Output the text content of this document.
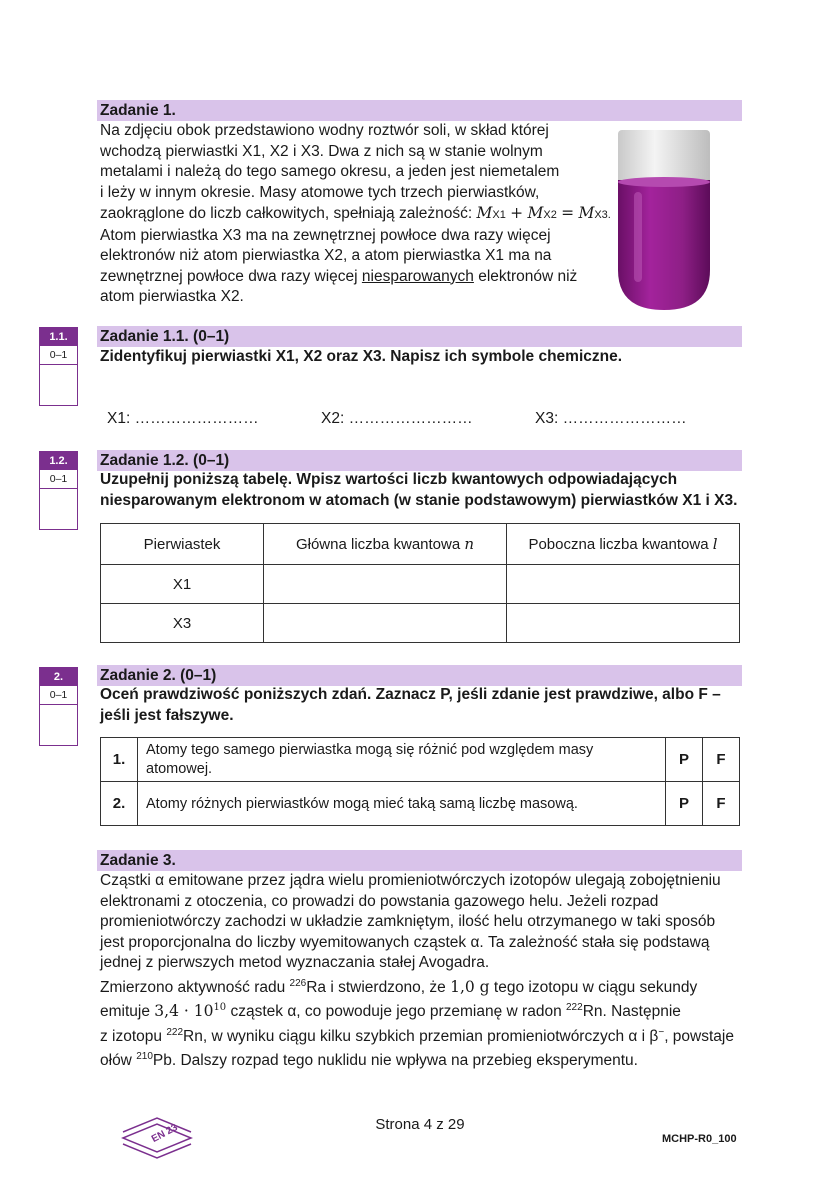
Zadanie 1.
Na zdjęciu obok przedstawiono wodny roztwór soli, w skład której
wchodzą pierwiastki X1, X2 i X3. Dwa z nich są w stanie wolnym
metalami i należą do tego samego okresu, a jeden jest niemetalem
i leży w innym okresie. Masy atomowe tych trzech pierwiastków,
zaokrąglone do liczb całkowitych, spełniają zależność: MX1 + MX2 = MX3.
Atom pierwiastka X3 ma na zewnętrznej powłoce dwa razy więcej
elektronów niż atom pierwiastka X2, a atom pierwiastka X1 ma na
zewnętrznej powłoce dwa razy więcej niesparowanych elektronów niż
atom pierwiastka X2.
1.1.
0–1
Zadanie 1.1. (0–1)
Zidentyfikuj pierwiastki X1, X2 oraz X3. Napisz ich symbole chemiczne.
X1: ……………………	X2: ……………………	X3: ……………………
1.2.
0–1
Zadanie 1.2. (0–1)
Uzupełnij poniższą tabelę. Wpisz wartości liczb kwantowych odpowiadających
niesparowanym elektronom w atomach (w stanie podstawowym) pierwiastków X1 i X3.
Pierwiastek	Główna liczba kwantowa n	Poboczna liczba kwantowa l
X1		
X3		
2.
0–1
Zadanie 2. (0–1)
Oceń prawdziwość poniższych zdań. Zaznacz P, jeśli zdanie jest prawdziwe, albo F –
jeśli jest fałszywe.
1.	Atomy tego samego pierwiastka mogą się różnić pod względem masy
atomowej.	P	F
2.	Atomy różnych pierwiastków mogą mieć taką samą liczbę masową.	P	F
Zadanie 3.
Cząstki α emitowane przez jądra wielu promieniotwórczych izotopów ulegają zobojętnieniu
elektronami z otoczenia, co prowadzi do powstania gazowego helu. Jeżeli rozpad
promieniotwórczy zachodzi w układzie zamkniętym, ilość helu otrzymanego w taki sposób
jest proporcjonalna do liczby wyemitowanych cząstek α. Ta zależność stała się podstawą
jednej z pierwszych metod wyznaczania stałej Avogadra.
Zmierzono aktywność radu $^{226}$Ra i stwierdzono, że 1,0 g tego izotopu w ciągu sekundy
emituje $3,4 \cdot 10^{10}$ cząstek α, co powoduje jego przemianę w radon $^{222}$Rn. Następnie
z izotopu $^{222}$Rn, w wyniku ciągu kilku szybkich przemian promieniotwórczych α i β−, powstaje
ołów $^{210}$Pb. Dalszy rozpad tego nuklidu nie wpływa na przebieg eksperymentu.
EN 23	Strona 4 z 29
MCHP-R0_100
